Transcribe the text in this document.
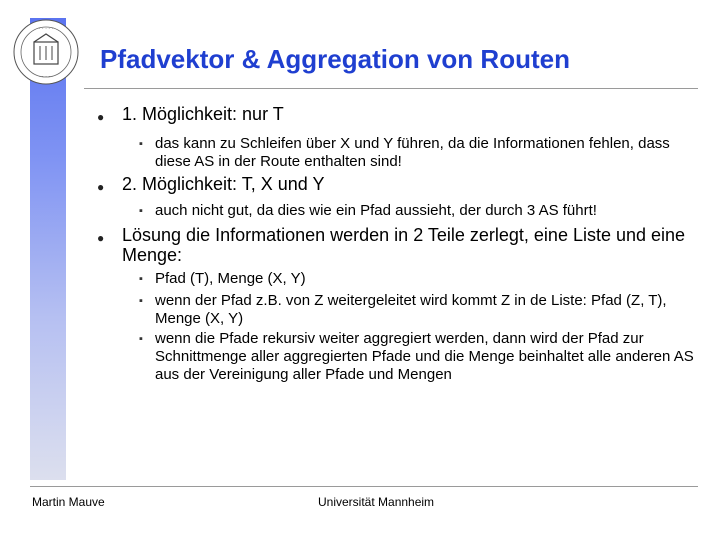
· · · · ·
· · · · ·
Pfadvektor & Aggregation von Routen
● 1. Möglichkeit: nur T
▪ das kann zu Schleifen über X und Y führen, da die Informationen fehlen, dass diese AS in der Route enthalten sind!
● 2. Möglichkeit: T, X und Y
▪ auch nicht gut, da dies wie ein Pfad aussieht, der durch 3 AS führt!
● Lösung die Informationen werden in 2 Teile zerlegt, eine Liste und eine Menge:
▪ Pfad (T), Menge (X, Y)
▪ wenn der Pfad z.B. von Z weitergeleitet wird kommt Z in de Liste: Pfad (Z, T), Menge (X, Y)
▪ wenn die Pfade rekursiv weiter aggregiert werden, dann wird der Pfad zur Schnittmenge aller aggregierten Pfade und die Menge beinhaltet alle anderen AS aus der Vereinigung aller Pfade und Mengen
Martin Mauve	Universität Mannheim
